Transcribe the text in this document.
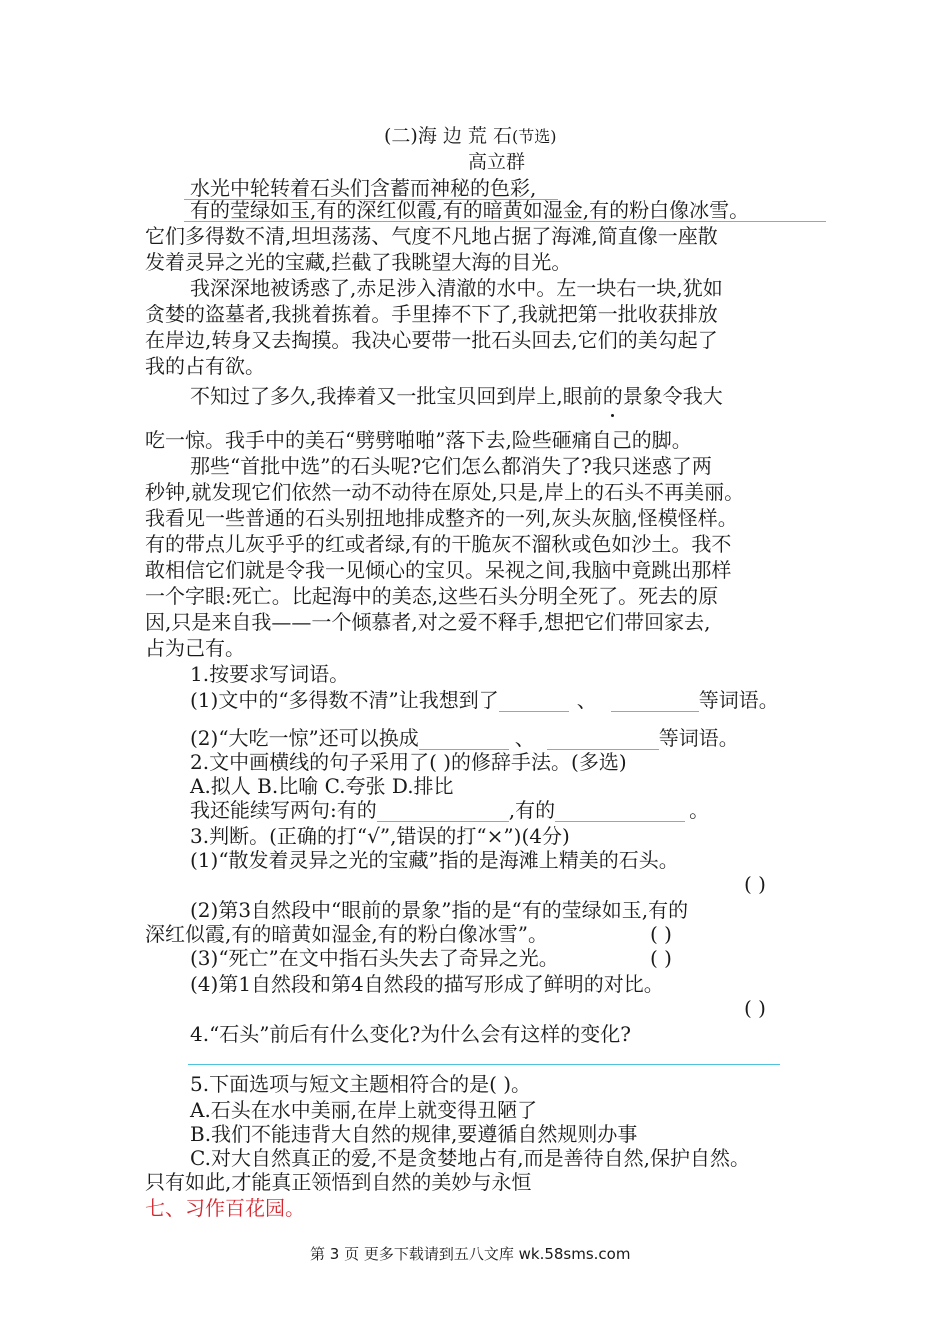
(二)海 边 荒 石(节选)
高立群
水光中轮转着石头们含蓄而神秘的色彩,
有的莹绿如玉,有的深红似霞,有的暗黄如湿金,有的粉白像冰雪。
它们多得数不清,坦坦荡荡、气度不凡地占据了海滩,简直像一座散
发着灵异之光的宝藏,拦截了我眺望大海的目光。
我深深地被诱惑了,赤足涉入清澈的水中。左一块右一块,犹如
贪婪的盗墓者,我挑着拣着。手里捧不下了,我就把第一批收获排放
在岸边,转身又去掏摸。我决心要带一批石头回去,它们的美勾起了
我的占有欲。
不知过了多久,我捧着又一批宝贝回到岸上,眼前的景象令我大
吃一惊。我手中的美石“劈劈啪啪”落下去,险些砸痛自己的脚。
那些“首批中选”的石头呢?它们怎么都消失了?我只迷惑了两
秒钟,就发现它们依然一动不动待在原处,只是,岸上的石头不再美丽。
我看见一些普通的石头别扭地排成整齐的一列,灰头灰脑,怪模怪样。
有的带点儿灰乎乎的红或者绿,有的干脆灰不溜秋或色如沙土。我不
敢相信它们就是令我一见倾心的宝贝。呆视之间,我脑中竟跳出那样
一个字眼:死亡。比起海中的美态,这些石头分明全死了。死去的原
因,只是来自我——一个倾慕者,对之爱不释手,想把它们带回家去,
占为己有。
1.按要求写词语。
(1)文中的“多得数不清”让我想到了	、	等词语。
(2)“大吃一惊”还可以换成	、	等词语。
2.文中画横线的句子采用了( )的修辞手法。(多选)
A.拟人 B.比喻 C.夸张 D.排比
我还能续写两句:有的	,有的	。
3.判断。(正确的打“√”,错误的打“×”)(4分)
(1)“散发着灵异之光的宝藏”指的是海滩上精美的石头。
( )
(2)第3自然段中“眼前的景象”指的是“有的莹绿如玉,有的
深红似霞,有的暗黄如湿金,有的粉白像冰雪”。	( )
(3)“死亡”在文中指石头失去了奇异之光。	( )
(4)第1自然段和第4自然段的描写形成了鲜明的对比。
( )
4.“石头”前后有什么变化?为什么会有这样的变化?
5.下面选项与短文主题相符合的是( )。
A.石头在水中美丽,在岸上就变得丑陋了
B.我们不能违背大自然的规律,要遵循自然规则办事
C.对大自然真正的爱,不是贪婪地占有,而是善待自然,保护自然。
只有如此,才能真正领悟到自然的美妙与永恒
七、习作百花园。
第 3 页 更多下载请到五八文库 wk.58sms.com
